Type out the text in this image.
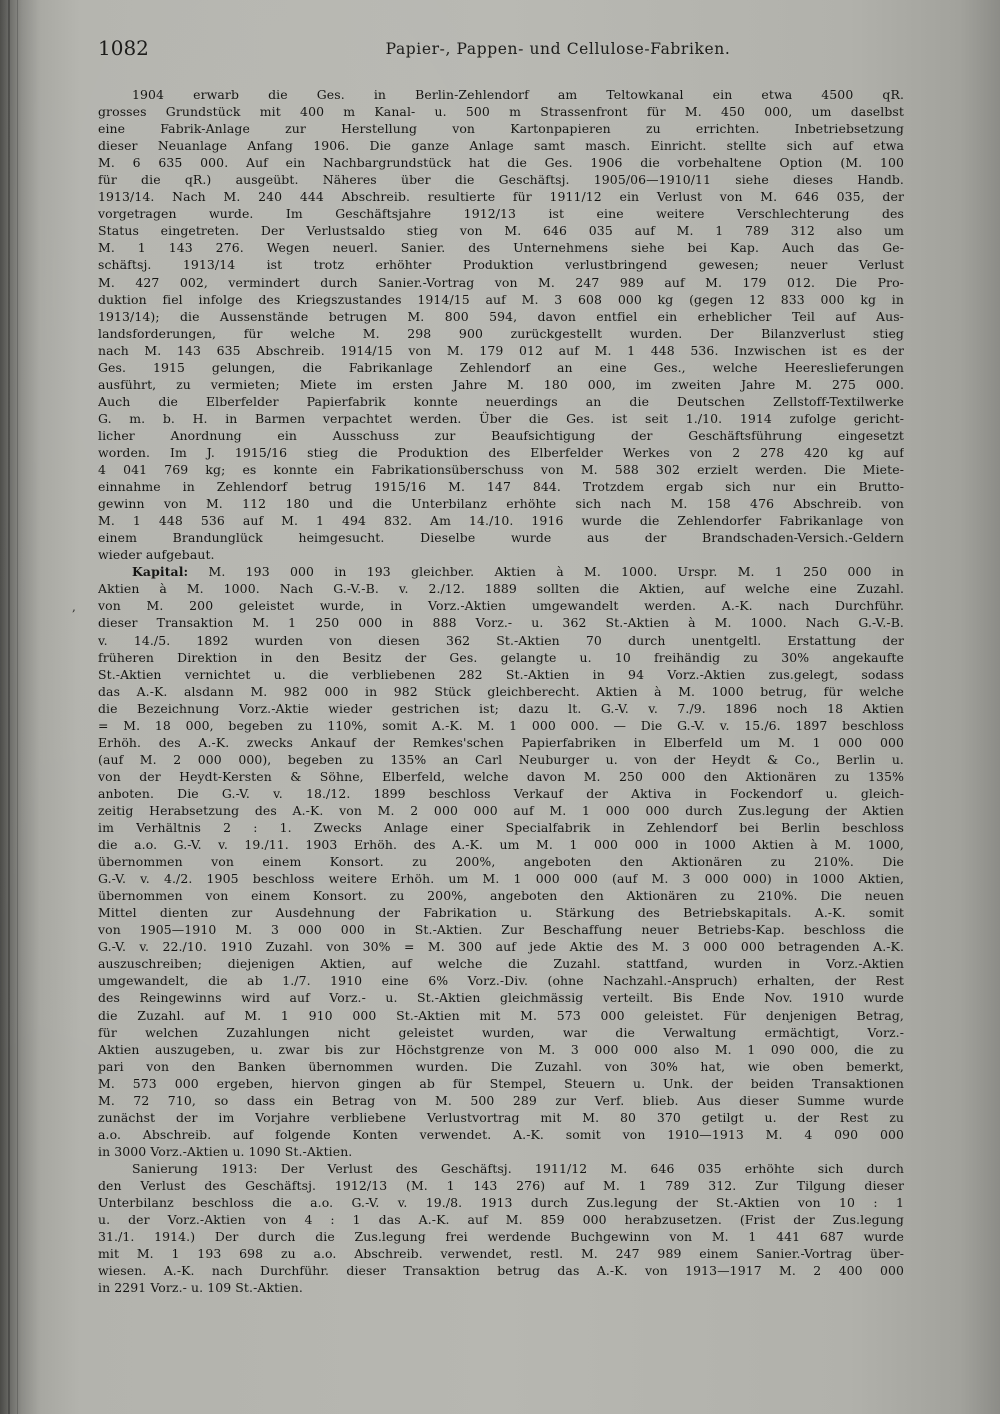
1082	Papier-, Pappen- und Cellulose-Fabriken.
,
1904 erwarb die Ges. in Berlin-Zehlendorf am Teltowkanal ein etwa 4500 qR.
grosses Grundstück mit 400 m Kanal- u. 500 m Strassenfront für M. 450 000, um daselbst
eine Fabrik-Anlage zur Herstellung von Kartonpapieren zu errichten. Inbetriebsetzung
dieser Neuanlage Anfang 1906. Die ganze Anlage samt masch. Einricht. stellte sich auf etwa
M. 6 635 000. Auf ein Nachbargrundstück hat die Ges. 1906 die vorbehaltene Option (M. 100
für die qR.) ausgeübt. Näheres über die Geschäftsj. 1905/06—1910/11 siehe dieses Handb.
1913/14. Nach M. 240 444 Abschreib. resultierte für 1911/12 ein Verlust von M. 646 035, der
vorgetragen wurde. Im Geschäftsjahre 1912/13 ist eine weitere Verschlechterung des
Status eingetreten. Der Verlustsaldo stieg von M. 646 035 auf M. 1 789 312 also um
M. 1 143 276. Wegen neuerl. Sanier. des Unternehmens siehe bei Kap. Auch das Ge-
schäftsj. 1913/14 ist trotz erhöhter Produktion verlustbringend gewesen; neuer Verlust
M. 427 002, vermindert durch Sanier.-Vortrag von M. 247 989 auf M. 179 012. Die Pro-
duktion fiel infolge des Kriegszustandes 1914/15 auf M. 3 608 000 kg (gegen 12 833 000 kg in
1913/14); die Aussenstände betrugen M. 800 594, davon entfiel ein erheblicher Teil auf Aus-
landsforderungen, für welche M. 298 900 zurückgestellt wurden. Der Bilanzverlust stieg
nach M. 143 635 Abschreib. 1914/15 von M. 179 012 auf M. 1 448 536. Inzwischen ist es der
Ges. 1915 gelungen, die Fabrikanlage Zehlendorf an eine Ges., welche Heereslieferungen
ausführt, zu vermieten; Miete im ersten Jahre M. 180 000, im zweiten Jahre M. 275 000.
Auch die Elberfelder Papierfabrik konnte neuerdings an die Deutschen Zellstoff-Textilwerke
G. m. b. H. in Barmen verpachtet werden. Über die Ges. ist seit 1./10. 1914 zufolge gericht-
licher Anordnung ein Ausschuss zur Beaufsichtigung der Geschäftsführung eingesetzt
worden. Im J. 1915/16 stieg die Produktion des Elberfelder Werkes von 2 278 420 kg auf
4 041 769 kg; es konnte ein Fabrikationsüberschuss von M. 588 302 erzielt werden. Die Miete-
einnahme in Zehlendorf betrug 1915/16 M. 147 844. Trotzdem ergab sich nur ein Brutto-
gewinn von M. 112 180 und die Unterbilanz erhöhte sich nach M. 158 476 Abschreib. von
M. 1 448 536 auf M. 1 494 832. Am 14./10. 1916 wurde die Zehlendorfer Fabrikanlage von
einem Brandunglück heimgesucht. Dieselbe wurde aus der Brandschaden-Versich.-Geldern
wieder aufgebaut.
Kapital: M. 193 000 in 193 gleichber. Aktien à M. 1000. Urspr. M. 1 250 000 in
Aktien à M. 1000. Nach G.-V.-B. v. 2./12. 1889 sollten die Aktien, auf welche eine Zuzahl.
von M. 200 geleistet wurde, in Vorz.-Aktien umgewandelt werden. A.-K. nach Durchführ.
dieser Transaktion M. 1 250 000 in 888 Vorz.- u. 362 St.-Aktien à M. 1000. Nach G.-V.-B.
v. 14./5. 1892 wurden von diesen 362 St.-Aktien 70 durch unentgeltl. Erstattung der
früheren Direktion in den Besitz der Ges. gelangte u. 10 freihändig zu 30% angekaufte
St.-Aktien vernichtet u. die verbliebenen 282 St.-Aktien in 94 Vorz.-Aktien zus.gelegt, sodass
das A.-K. alsdann M. 982 000 in 982 Stück gleichberecht. Aktien à M. 1000 betrug, für welche
die Bezeichnung Vorz.-Aktie wieder gestrichen ist; dazu lt. G.-V. v. 7./9. 1896 noch 18 Aktien
= M. 18 000, begeben zu 110%, somit A.-K. M. 1 000 000. — Die G.-V. v. 15./6. 1897 beschloss
Erhöh. des A.-K. zwecks Ankauf der Remkes'schen Papierfabriken in Elberfeld um M. 1 000 000
(auf M. 2 000 000), begeben zu 135% an Carl Neuburger u. von der Heydt & Co., Berlin u.
von der Heydt-Kersten & Söhne, Elberfeld, welche davon M. 250 000 den Aktionären zu 135%
anboten. Die G.-V. v. 18./12. 1899 beschloss Verkauf der Aktiva in Fockendorf u. gleich-
zeitig Herabsetzung des A.-K. von M. 2 000 000 auf M. 1 000 000 durch Zus.legung der Aktien
im Verhältnis 2 : 1. Zwecks Anlage einer Specialfabrik in Zehlendorf bei Berlin beschloss
die a.o. G.-V. v. 19./11. 1903 Erhöh. des A.-K. um M. 1 000 000 in 1000 Aktien à M. 1000,
übernommen von einem Konsort. zu 200%, angeboten den Aktionären zu 210%. Die
G.-V. v. 4./2. 1905 beschloss weitere Erhöh. um M. 1 000 000 (auf M. 3 000 000) in 1000 Aktien,
übernommen von einem Konsort. zu 200%, angeboten den Aktionären zu 210%. Die neuen
Mittel dienten zur Ausdehnung der Fabrikation u. Stärkung des Betriebskapitals. A.-K. somit
von 1905—1910 M. 3 000 000 in St.-Aktien. Zur Beschaffung neuer Betriebs-Kap. beschloss die
G.-V. v. 22./10. 1910 Zuzahl. von 30% = M. 300 auf jede Aktie des M. 3 000 000 betragenden A.-K.
auszuschreiben; diejenigen Aktien, auf welche die Zuzahl. stattfand, wurden in Vorz.-Aktien
umgewandelt, die ab 1./7. 1910 eine 6% Vorz.-Div. (ohne Nachzahl.-Anspruch) erhalten, der Rest
des Reingewinns wird auf Vorz.- u. St.-Aktien gleichmässig verteilt. Bis Ende Nov. 1910 wurde
die Zuzahl. auf M. 1 910 000 St.-Aktien mit M. 573 000 geleistet. Für denjenigen Betrag,
für welchen Zuzahlungen nicht geleistet wurden, war die Verwaltung ermächtigt, Vorz.-
Aktien auszugeben, u. zwar bis zur Höchstgrenze von M. 3 000 000 also M. 1 090 000, die zu
pari von den Banken übernommen wurden. Die Zuzahl. von 30% hat, wie oben bemerkt,
M. 573 000 ergeben, hiervon gingen ab für Stempel, Steuern u. Unk. der beiden Transaktionen
M. 72 710, so dass ein Betrag von M. 500 289 zur Verf. blieb. Aus dieser Summe wurde
zunächst der im Vorjahre verbliebene Verlustvortrag mit M. 80 370 getilgt u. der Rest zu
a.o. Abschreib. auf folgende Konten verwendet. A.-K. somit von 1910—1913 M. 4 090 000
in 3000 Vorz.-Aktien u. 1090 St.-Aktien.
Sanierung 1913: Der Verlust des Geschäftsj. 1911/12 M. 646 035 erhöhte sich durch
den Verlust des Geschäftsj. 1912/13 (M. 1 143 276) auf M. 1 789 312. Zur Tilgung dieser
Unterbilanz beschloss die a.o. G.-V. v. 19./8. 1913 durch Zus.legung der St.-Aktien von 10 : 1
u. der Vorz.-Aktien von 4 : 1 das A.-K. auf M. 859 000 herabzusetzen. (Frist der Zus.legung
31./1. 1914.) Der durch die Zus.legung frei werdende Buchgewinn von M. 1 441 687 wurde
mit M. 1 193 698 zu a.o. Abschreib. verwendet, restl. M. 247 989 einem Sanier.-Vortrag über-
wiesen. A.-K. nach Durchführ. dieser Transaktion betrug das A.-K. von 1913—1917 M. 2 400 000
in 2291 Vorz.- u. 109 St.-Aktien.
